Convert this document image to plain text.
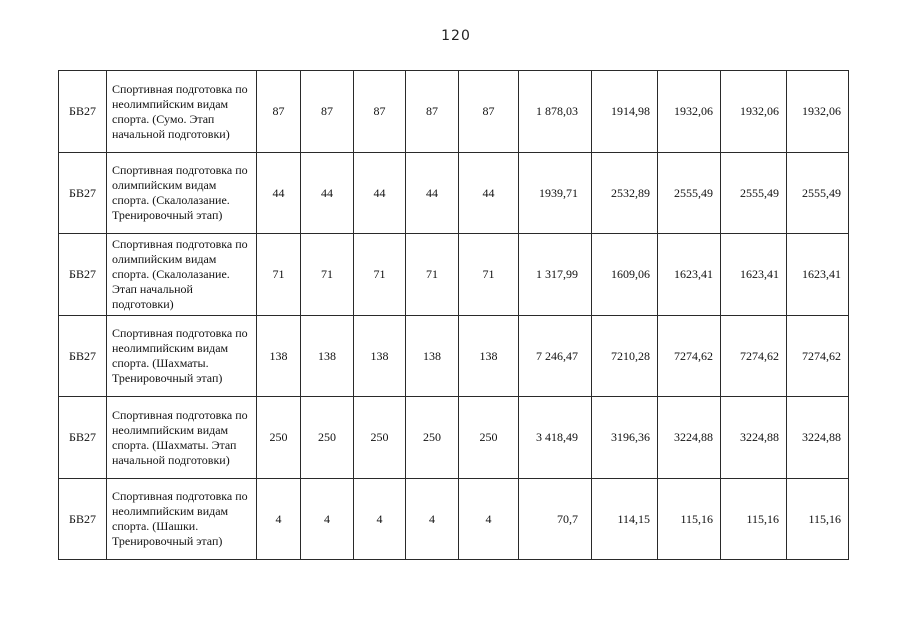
120
БВ27	Спортивная подготовка по неолимпийским видам спорта. (Сумо. Этап начальной подготовки)	87	87	87	87	87	1 878,03	1914,98	1932,06	1932,06	1932,06
БВ27	Спортивная подготовка по олимпийским видам спорта. (Скалолазание. Тренировочный этап)	44	44	44	44	44	1939,71	2532,89	2555,49	2555,49	2555,49
БВ27	Спортивная подготовка по олимпийским видам спорта. (Скалолазание. Этап начальной подготовки)	71	71	71	71	71	1 317,99	1609,06	1623,41	1623,41	1623,41
БВ27	Спортивная подготовка по неолимпийским видам спорта. (Шахматы. Тренировочный этап)	138	138	138	138	138	7 246,47	7210,28	7274,62	7274,62	7274,62
БВ27	Спортивная подготовка по неолимпийским видам спорта. (Шахматы. Этап начальной подготовки)	250	250	250	250	250	3 418,49	3196,36	3224,88	3224,88	3224,88
БВ27	Спортивная подготовка по неолимпийским видам спорта. (Шашки. Тренировочный этап)	4	4	4	4	4	70,7	114,15	115,16	115,16	115,16
